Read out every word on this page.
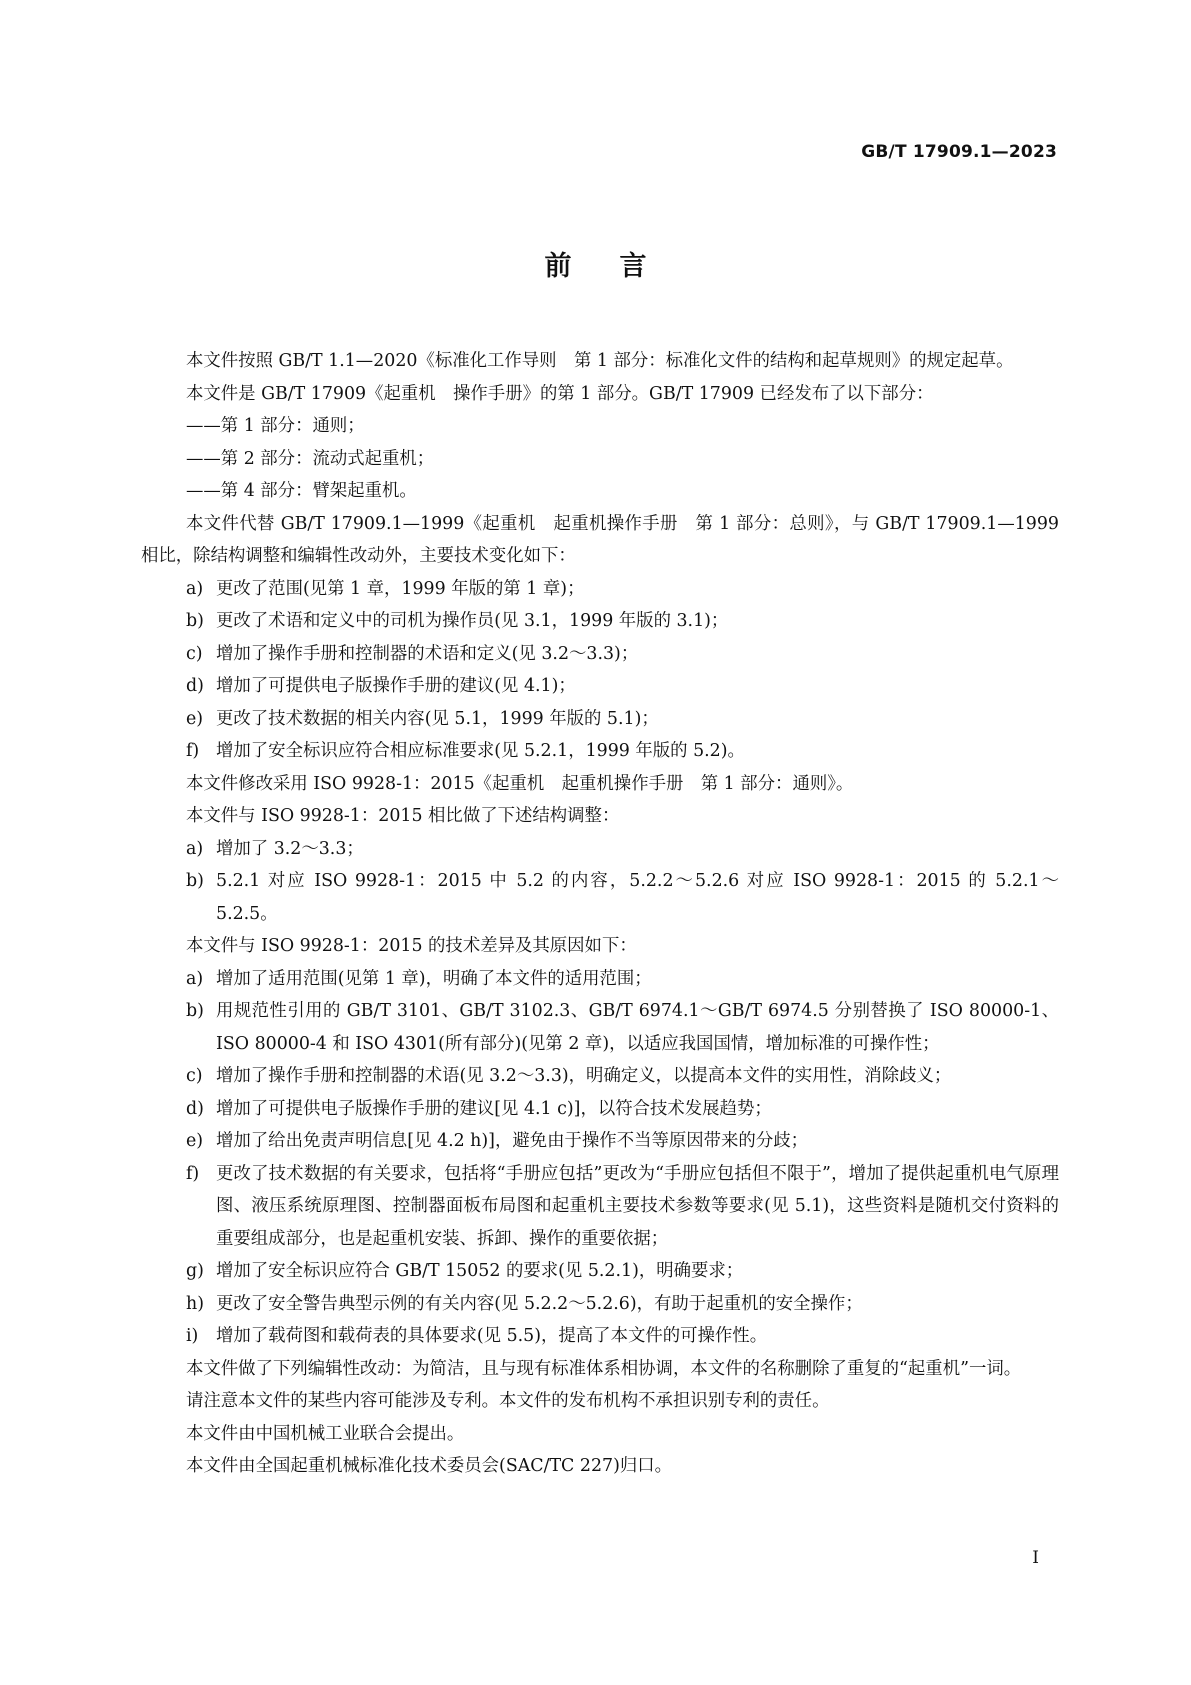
GB/T 17909.1—2023
前言

本文件按照 GB/T 1.1—2020《标准化工作导则　第 1 部分：标准化文件的结构和起草规则》的规定起草。

本文件是 GB/T 17909《起重机　操作手册》的第 1 部分。GB/T 17909 已经发布了以下部分：

——第 1 部分：通则；

——第 2 部分：流动式起重机；

——第 4 部分：臂架起重机。

本文件代替 GB/T 17909.1—1999《起重机　起重机操作手册　第 1 部分：总则》，与 GB/T 17909.1—1999 相比，除结构调整和编辑性改动外，主要技术变化如下：

a) 更改了范围(见第 1 章，1999 年版的第 1 章)；

b) 更改了术语和定义中的司机为操作员(见 3.1，1999 年版的 3.1)；

c) 增加了操作手册和控制器的术语和定义(见 3.2～3.3)；

d) 增加了可提供电子版操作手册的建议(见 4.1)；

e) 更改了技术数据的相关内容(见 5.1，1999 年版的 5.1)；

f) 增加了安全标识应符合相应标准要求(见 5.2.1，1999 年版的 5.2)。

本文件修改采用 ISO 9928-1：2015《起重机　起重机操作手册　第 1 部分：通则》。

本文件与 ISO 9928-1：2015 相比做了下述结构调整：

a) 增加了 3.2～3.3；

b) 5.2.1 对应 ISO 9928-1：2015 中 5.2 的内容，5.2.2～5.2.6 对应 ISO 9928-1：2015 的 5.2.1～5.2.5。

本文件与 ISO 9928-1：2015 的技术差异及其原因如下：

a) 增加了适用范围(见第 1 章)，明确了本文件的适用范围；

b) 用规范性引用的 GB/T 3101、GB/T 3102.3、GB/T 6974.1～GB/T 6974.5 分别替换了 ISO 80000-1、ISO 80000-4 和 ISO 4301(所有部分)(见第 2 章)，以适应我国国情，增加标准的可操作性；

c) 增加了操作手册和控制器的术语(见 3.2～3.3)，明确定义，以提高本文件的实用性，消除歧义；

d) 增加了可提供电子版操作手册的建议[见 4.1 c)]，以符合技术发展趋势；

e) 增加了给出免责声明信息[见 4.2 h)]，避免由于操作不当等原因带来的分歧；

f) 更改了技术数据的有关要求，包括将“手册应包括”更改为“手册应包括但不限于”，增加了提供起重机电气原理图、液压系统原理图、控制器面板布局图和起重机主要技术参数等要求(见 5.1)，这些资料是随机交付资料的重要组成部分，也是起重机安装、拆卸、操作的重要依据；

g) 增加了安全标识应符合 GB/T 15052 的要求(见 5.2.1)，明确要求；

h) 更改了安全警告典型示例的有关内容(见 5.2.2～5.2.6)，有助于起重机的安全操作；

i) 增加了载荷图和载荷表的具体要求(见 5.5)，提高了本文件的可操作性。

本文件做了下列编辑性改动：为简洁，且与现有标准体系相协调，本文件的名称删除了重复的“起重机”一词。

请注意本文件的某些内容可能涉及专利。本文件的发布机构不承担识别专利的责任。

本文件由中国机械工业联合会提出。

本文件由全国起重机械标准化技术委员会(SAC/TC 227)归口。

I
